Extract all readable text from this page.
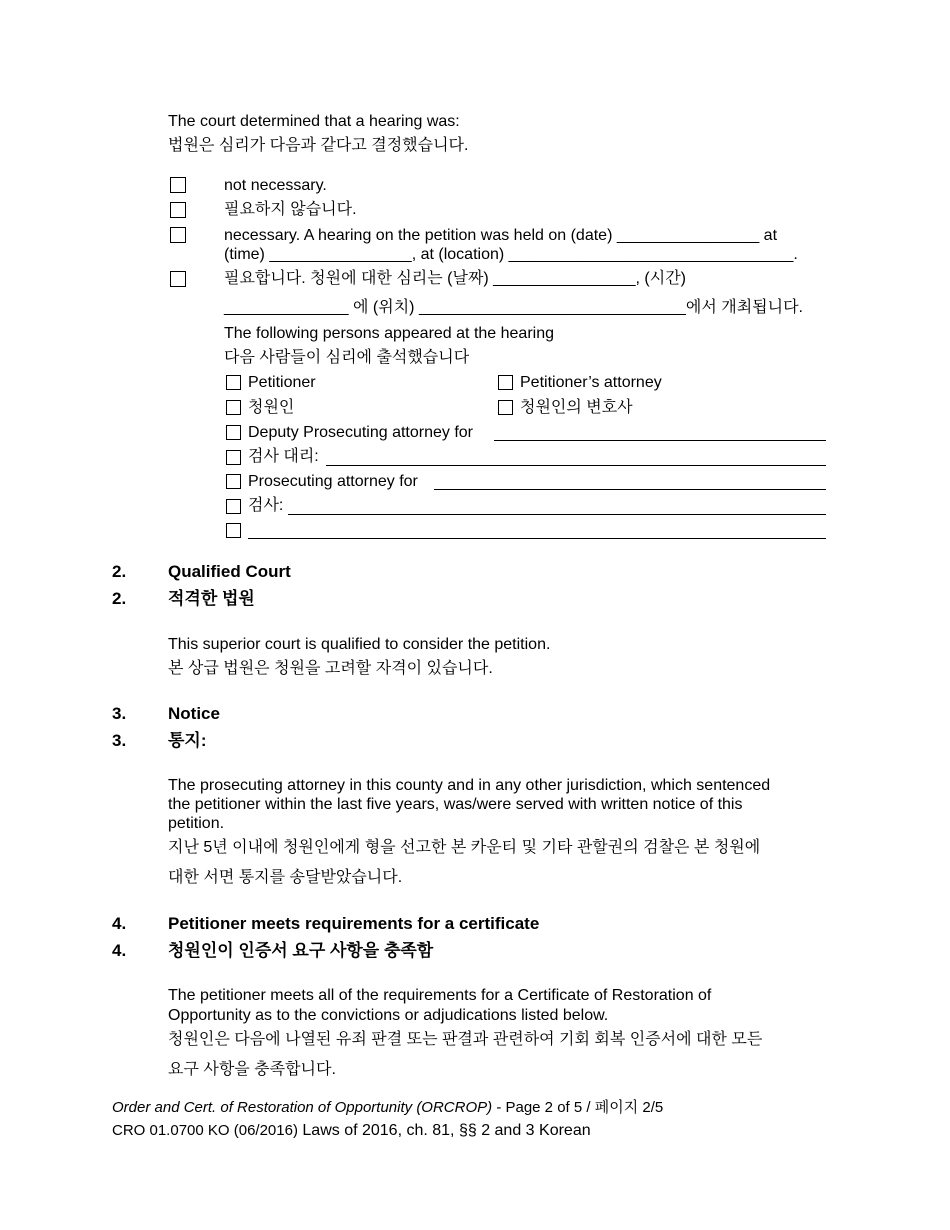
The court determined that a hearing was:
법원은 심리가 다음과 같다고 결정했습니다.
not necessary.
필요하지 않습니다.
necessary. A hearing on the petition was held on (date) ________________ at
(time) ________________, at (location) ________________________________.
필요합니다. 청원에 대한 심리는 (날짜) ________________, (시간)
______________ 에 (위치) ______________________________에서 개최됩니다.
The following persons appeared at the hearing
다음 사람들이 심리에 출석했습니다
Petitioner	Petitioner’s attorney
청원인	청원인의 변호사
Deputy Prosecuting attorney for
검사 대리:
Prosecuting attorney for
검사:
2. Qualified Court
2. 적격한 법원
This superior court is qualified to consider the petition.
본 상급 법원은 청원을 고려할 자격이 있습니다.
3. Notice
3. 통지:
The prosecuting attorney in this county and in any other jurisdiction, which sentenced
the petitioner within the last five years, was/were served with written notice of this
petition.
지난 5년 이내에 청원인에게 형을 선고한 본 카운티 및 기타 관할권의 검찰은 본 청원에
대한 서면 통지를 송달받았습니다.
4. Petitioner meets requirements for a certificate
4. 청원인이 인증서 요구 사항을 충족함
The petitioner meets all of the requirements for a Certificate of Restoration of
Opportunity as to the convictions or adjudications listed below.
청원인은 다음에 나열된 유죄 판결 또는 판결과 관련하여 기회 회복 인증서에 대한 모든
요구 사항을 충족합니다.
Order and Cert. of Restoration of Opportunity (ORCROP) - Page 2 of 5 / 페이지 2/5
CRO 01.0700 KO (06/2016) Laws of 2016, ch. 81, §§ 2 and 3 Korean
